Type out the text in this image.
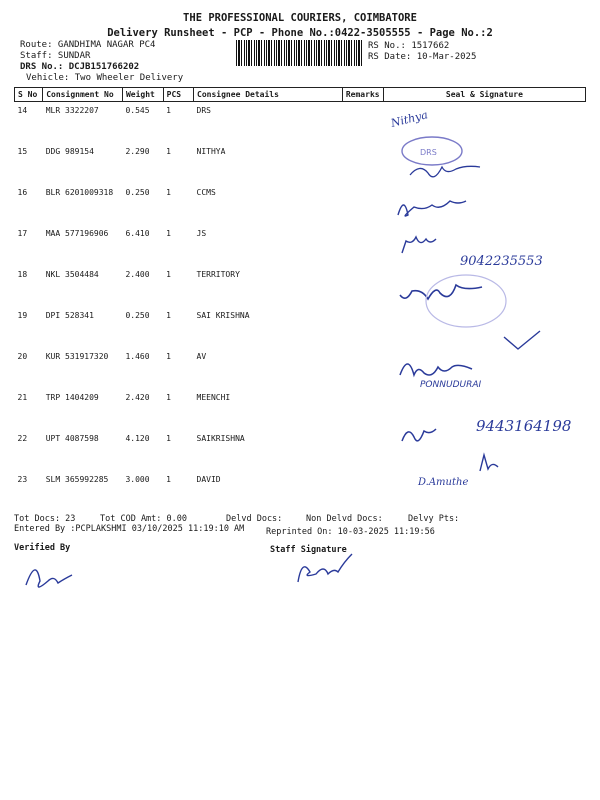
THE PROFESSIONAL COURIERS, COIMBATORE
Delivery Runsheet - PCP - Phone No.:0422-3505555 - Page No.:2
Route: GANDHIMA NAGAR PC4
Staff: SUNDAR
DRS No.: DCJB151766202
Vehicle: Two Wheeler Delivery
RS No.: 1517662
RS Date: 10-Mar-2025
S No	Consignment No	Weight	PCS	Consignee Details	Remarks	Seal & Signature
14	MLR 3322207	0.545	1	DRS		
15	DDG 989154	2.290	1	NITHYA		
16	BLR 6201009318	0.250	1	CCMS		
17	MAA 577196906	6.410	1	JS		
18	NKL 3504484	2.400	1	TERRITORY		
19	DPI 528341	0.250	1	SAI KRISHNA		
20	KUR 531917320	1.460	1	AV		
21	TRP 1404209	2.420	1	MEENCHI		
22	UPT 4087598	4.120	1	SAIKRISHNA		
23	SLM 365992285	3.000	1	DAVID		
DRS
Nithya
9042235553
PONNUDURAI
9443164198
D.Amuthe
Tot Docs: 23	Tot COD Amt: 0.00	Delvd Docs:	Non Delvd Docs:	Delvy Pts:
Entered By :PCPLAKSHMI 03/10/2025 11:19:10 AM	Reprinted On: 10-03-2025 11:19:56
Verified By	Staff Signature
